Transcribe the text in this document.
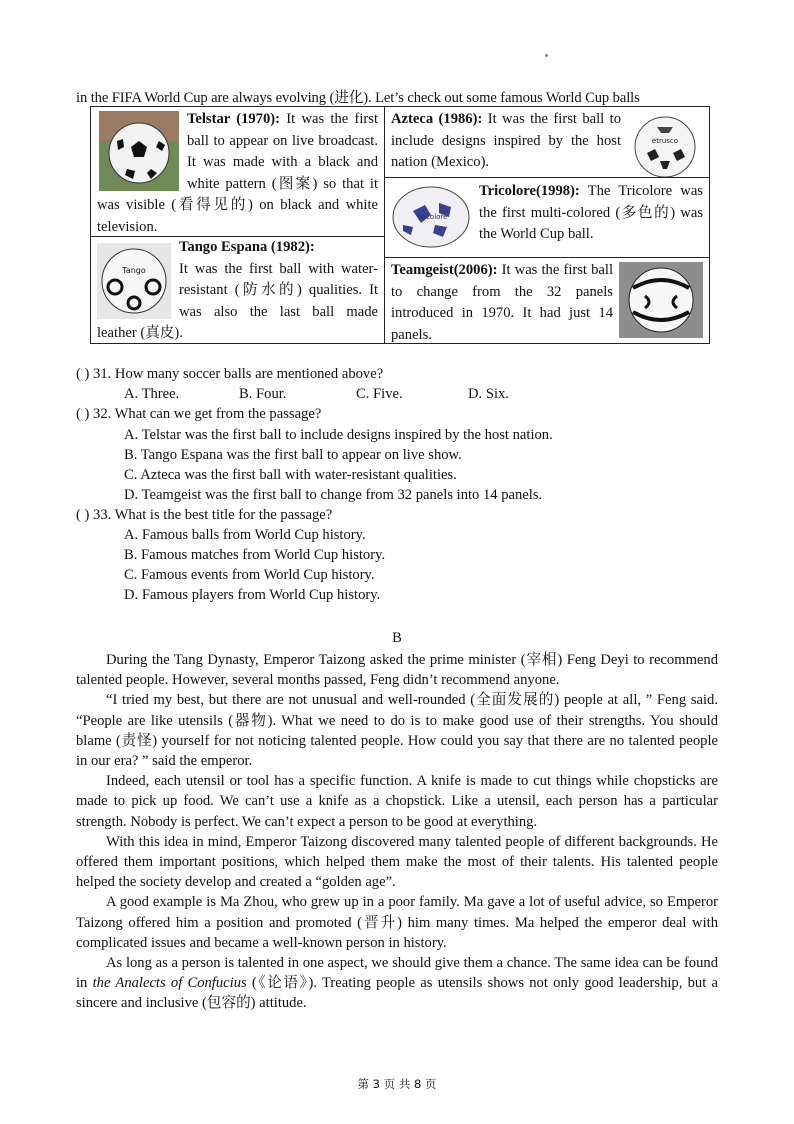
in the FIFA World Cup are always evolving (进化). Let’s check out some famous World Cup balls

Telstar (1970): It was the first ball to appear on live broadcast. It was made with a black and white pattern (图案) so that it was visible (看得见的) on black and white television.

etrusco

Azteca (1986): It was the first ball to include designs inspired by the host nation (Mexico).

tricolore

Tricolore(1998): The Tricolore was the first multi-colored (多色的) was the World Cup ball.

Tango

Tango Espana (1982):

It was the first ball with water-resistant (防水的) qualities. It was also the last ball made leather (真皮).

Teamgeist(2006): It was the first ball to change from the 32 panels introduced in 1970. It had just 14 panels.

( ) 31. How many soccer balls are mentioned above?
A. Three.	B. Four.	C. Five.	D. Six.
( ) 32. What can we get from the passage?
A. Telstar was the first ball to include designs inspired by the host nation.
B. Tango Espana was the first ball to appear on live show.
C. Azteca was the first ball with water-resistant qualities.
D. Teamgeist was the first ball to change from 32 panels into 14 panels.
( ) 33. What is the best title for the passage?
A. Famous balls from World Cup history.
B. Famous matches from World Cup history.
C. Famous events from World Cup history.
D. Famous players from World Cup history.
B

During the Tang Dynasty, Emperor Taizong asked the prime minister (宰相) Feng Deyi to recommend talented people. However, several months passed, Feng didn’t recommend anyone.

“I tried my best, but there are not unusual and well-rounded (全面发展的) people at all, ” Feng said. “People are like utensils (器物). What we need to do is to make good use of their strengths. You should blame (责怪) yourself for not noticing talented people. How could you say that there are no talented people in our era? ” said the emperor.

Indeed, each utensil or tool has a specific function. A knife is made to cut things while chopsticks are made to pick up food. We can’t use a knife as a chopstick. Like a utensil, each person has a particular strength. Nobody is perfect. We can’t expect a person to be good at everything.

With this idea in mind, Emperor Taizong discovered many talented people of different backgrounds. He offered them important positions, which helped them make the most of their talents. His talented people helped the society develop and created a “golden age”.

A good example is Ma Zhou, who grew up in a poor family. Ma gave a lot of useful advice, so Emperor Taizong offered him a position and promoted (晋升) him many times. Ma helped the emperor deal with complicated issues and became a well-known person in history.

As long as a person is talented in one aspect, we should give them a chance. The same idea can be found in the Analects of Confucius (《论语》). Treating people as utensils shows not only good leadership, but a sincere and inclusive (包容的) attitude.

第 3 页 共 8 页
